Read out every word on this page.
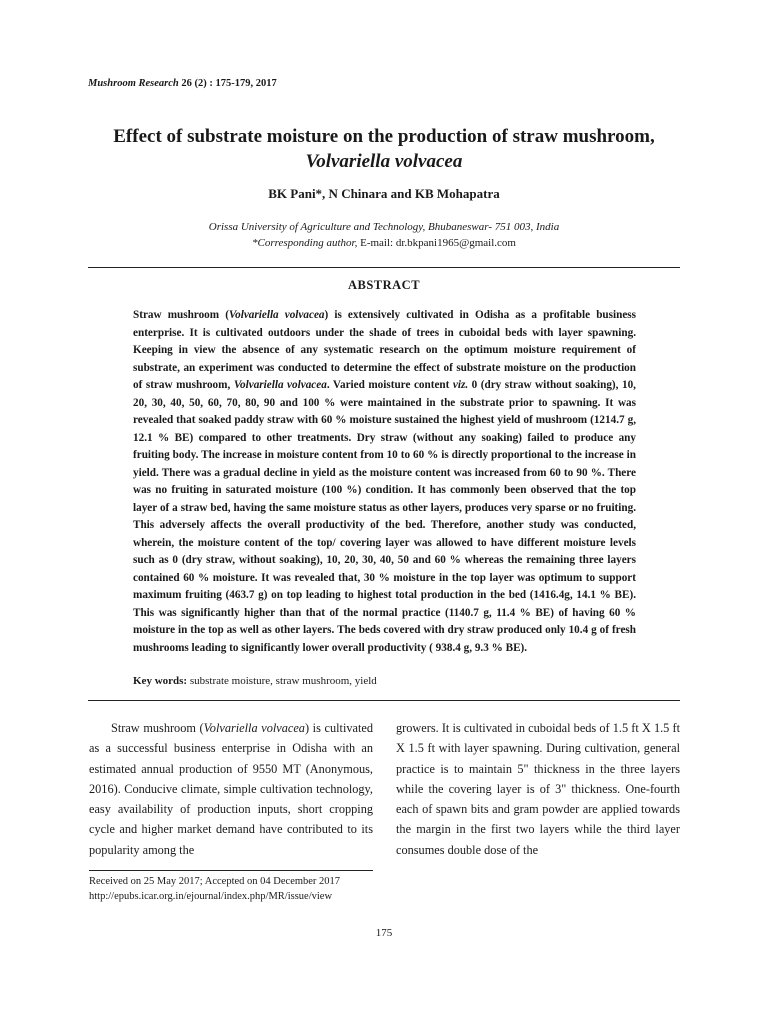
Mushroom Research 26 (2) : 175-179, 2017
Effect of substrate moisture on the production of straw mushroom,
Volvariella volvacea
BK Pani*, N Chinara and KB Mohapatra
Orissa University of Agriculture and Technology, Bhubaneswar- 751 003, India
*Corresponding author, E-mail: dr.bkpani1965@gmail.com
ABSTRACT

Straw mushroom (Volvariella volvacea) is extensively cultivated in Odisha as a profitable business enterprise. It is cultivated outdoors under the shade of trees in cuboidal beds with layer spawning. Keeping in view the absence of any systematic research on the optimum moisture requirement of substrate, an experiment was conducted to determine the effect of substrate moisture on the production of straw mushroom, Volvariella volvacea. Varied moisture content viz. 0 (dry straw without soaking), 10, 20, 30, 40, 50, 60, 70, 80, 90 and 100 % were maintained in the substrate prior to spawning. It was revealed that soaked paddy straw with 60 % moisture sustained the highest yield of mushroom (1214.7 g, 12.1 % BE) compared to other treatments. Dry straw (without any soaking) failed to produce any fruiting body. The increase in moisture content from 10 to 60 % is directly proportional to the increase in yield. There was a gradual decline in yield as the moisture content was increased from 60 to 90 %. There was no fruiting in saturated moisture (100 %) condition. It has commonly been observed that the top layer of a straw bed, having the same moisture status as other layers, produces very sparse or no fruiting. This adversely affects the overall productivity of the bed. Therefore, another study was conducted, wherein, the moisture content of the top/ covering layer was allowed to have different moisture levels such as 0 (dry straw, without soaking), 10, 20, 30, 40, 50 and 60 % whereas the remaining three layers contained 60 % moisture. It was revealed that, 30 % moisture in the top layer was optimum to support maximum fruiting (463.7 g) on top leading to highest total production in the bed (1416.4g, 14.1 % BE). This was significantly higher than that of the normal practice (1140.7 g, 11.4 % BE) of having 60 % moisture in the top as well as other layers. The beds covered with dry straw produced only 10.4 g of fresh mushrooms leading to significantly lower overall productivity ( 938.4 g, 9.3 % BE).

Key words: substrate moisture, straw mushroom, yield

Straw mushroom (Volvariella volvacea) is cultivated as a successful business enterprise in Odisha with an estimated annual production of 9550 MT (Anonymous, 2016). Conducive climate, simple cultivation technology, easy availability of production inputs, short cropping cycle and higher market demand have contributed to its popularity among the

growers. It is cultivated in cuboidal beds of 1.5 ft X 1.5 ft X 1.5 ft with layer spawning. During cultivation, general practice is to maintain 5" thickness in the three layers while the covering layer is of 3" thickness. One-fourth each of spawn bits and gram powder are applied towards the margin in the first two layers while the third layer consumes double dose of the

Received on 25 May 2017; Accepted on 04 December 2017
http://epubs.icar.org.in/ejournal/index.php/MR/issue/view
175
